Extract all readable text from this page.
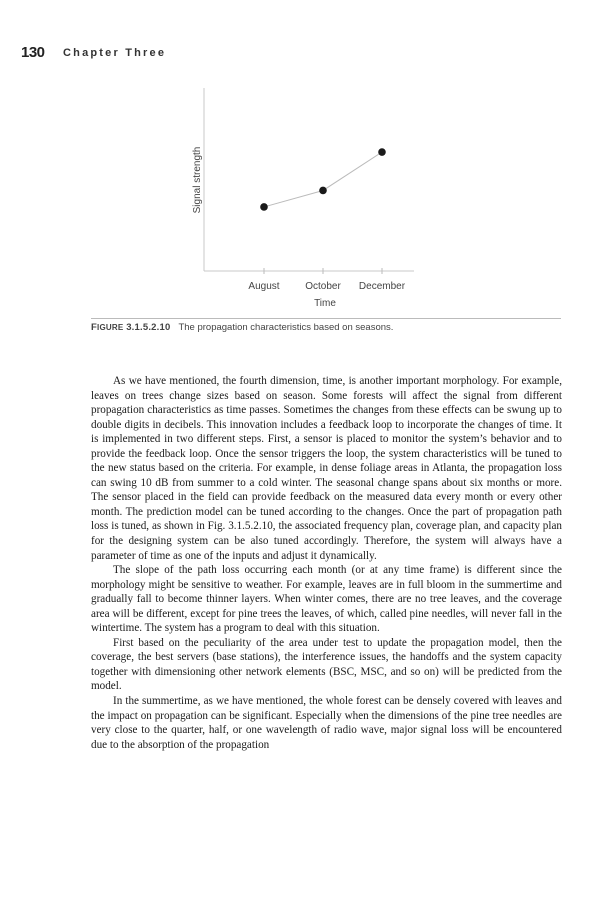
130 Chapter Three
Signal strength
Time
August	October December
FIGURE 3.1.5.2.10 The propagation characteristics based on seasons.

As we have mentioned, the fourth dimension, time, is another important morphology. For example, leaves on trees change sizes based on season. Some forests will affect the signal from different propagation characteristics as time passes. Sometimes the changes from these effects can be swung up to double digits in decibels. This innovation includes a feedback loop to incorporate the changes of time. It is implemented in two different steps. First, a sensor is placed to monitor the system’s behavior and to provide the feedback loop. Once the sensor triggers the loop, the system characteristics will be tuned to the new status based on the criteria. For example, in dense foliage areas in Atlanta, the propagation loss can swing 10 dB from summer to a cold winter. The seasonal change spans about six months or more. The sensor placed in the field can provide feedback on the measured data every month or every other month. The prediction model can be tuned according to the changes. Once the part of propagation path loss is tuned, as shown in Fig. 3.1.5.2.10, the associated frequency plan, coverage plan, and capacity plan for the designing system can be also tuned accordingly. Therefore, the system will always have a parameter of time as one of the inputs and adjust it dynamically.

The slope of the path loss occurring each month (or at any time frame) is different since the morphology might be sensitive to weather. For example, leaves are in full bloom in the summertime and gradually fall to become thinner layers. When winter comes, there are no tree leaves, and the coverage area will be different, except for pine trees the leaves, of which, called pine needles, will never fall in the wintertime. The system has a program to deal with this situation.

First based on the peculiarity of the area under test to update the propagation model, then the coverage, the best servers (base stations), the interference issues, the handoffs and the system capacity together with dimensioning other network elements (BSC, MSC, and so on) will be predicted from the model.

In the summertime, as we have mentioned, the whole forest can be densely covered with leaves and the impact on propagation can be significant. Especially when the dimensions of the pine tree needles are very close to the quarter, half, or one wavelength of radio wave, major signal loss will be encountered due to the absorption of the propagation
